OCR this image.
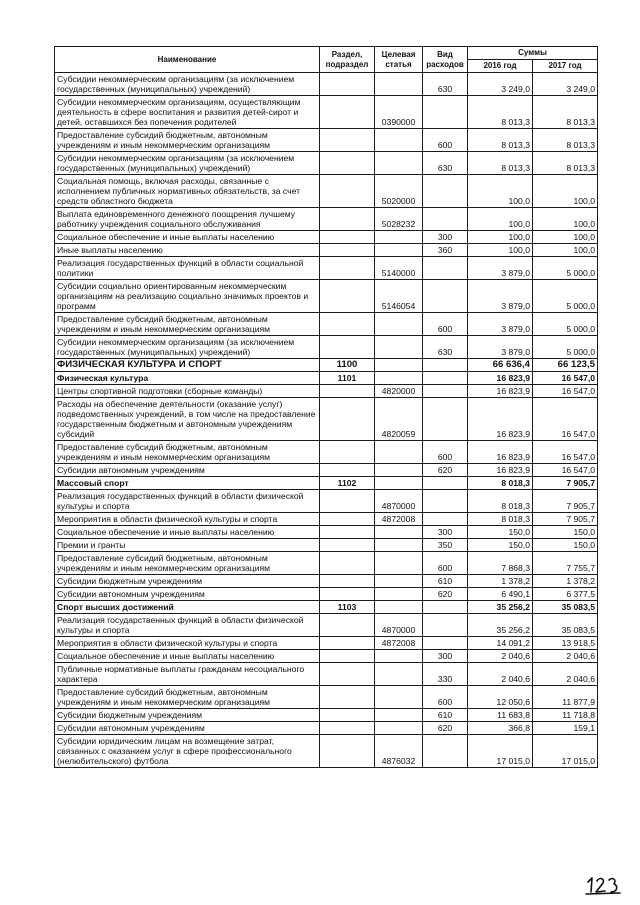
Наименование	Раздел, подраздел	Целевая статья	Вид расходов	Суммы	
				2016 год	2017 год
Субсидии некоммерческим организациям (за исключением государственных (муниципальных) учреждений)			630	3 249,0	3 249,0
Субсидии некоммерческим организациям, осуществляющим деятельность в сфере воспитания и развития детей-сирот и детей, оставшихся без попечения родителей		0390000		8 013,3	8 013,3
Предоставление субсидий бюджетным, автономным учреждениям и иным некоммерческим организациям			600	8 013,3	8 013,3
Субсидии некоммерческим организациям (за исключением государственных (муниципальных) учреждений)			630	8 013,3	8 013,3
Социальная помощь, включая расходы, связанные с исполнением публичных нормативных обязательств, за счет средств областного бюджета		5020000		100,0	100,0
Выплата единовременного денежного поощрения лучшему работнику учреждения социального обслуживания		5028232		100,0	100,0
Социальное обеспечение и иные выплаты населению			300	100,0	100,0
Иные выплаты населению			360	100,0	100,0
Реализация государственных функций в области социальной политики		5140000		3 879,0	5 000,0
Субсидии социально ориентированным некоммерческим организациям на реализацию социально значимых проектов и программ		5146054		3 879,0	5 000,0
Предоставление субсидий бюджетным, автономным учреждениям и иным некоммерческим организациям			600	3 879,0	5 000,0
Субсидии некоммерческим организациям (за исключением государственных (муниципальных) учреждений)			630	3 879,0	5 000,0
ФИЗИЧЕСКАЯ КУЛЬТУРА И СПОРТ	1100			66 636,4	66 123,5
Физическая культура	1101			16 823,9	16 547,0
Центры спортивной подготовки (сборные команды)		4820000		16 823,9	16 547,0
Расходы на обеспечение деятельности (оказание услуг) подведомственных учреждений, в том числе на предоставление государственным бюджетным и автономным учреждениям субсидий		4820059		16 823,9	16 547,0
Предоставление субсидий бюджетным, автономным учреждениям и иным некоммерческим организациям			600	16 823,9	16 547,0
Субсидии автономным учреждениям			620	16 823,9	16 547,0
Массовый спорт	1102			8 018,3	7 905,7
Реализация государственных функций в области физической культуры и спорта		4870000		8 018,3	7 905,7
Мероприятия в области физической культуры и спорта		4872008		8 018,3	7 905,7
Социальное обеспечение и иные выплаты населению			300	150,0	150,0
Премии и гранты			350	150,0	150,0
Предоставление субсидий бюджетным, автономным учреждениям и иным некоммерческим организациям			600	7 868,3	7 755,7
Субсидии бюджетным учреждениям			610	1 378,2	1 378,2
Субсидии автономным учреждениям			620	6 490,1	6 377,5
Спорт высших достижений	1103			35 256,2	35 083,5
Реализация государственных функций в области физической культуры и спорта		4870000		35 256,2	35 083,5
Мероприятия в области физической культуры и спорта		4872008		14 091,2	13 918,5
Социальное обеспечение и иные выплаты населению			300	2 040,6	2 040,6
Публичные нормативные выплаты гражданам несоциального характера			330	2 040,6	2 040,6
Предоставление субсидий бюджетным, автономным учреждениям и иным некоммерческим организациям			600	12 050,6	11 877,9
Субсидии бюджетным учреждениям			610	11 683,8	11 718,8
Субсидии автономным учреждениям			620	366,8	159,1
Субсидии юридическим лицам на возмещение затрат, связанных с оказанием услуг в сфере профессионального (нелюбительского) футбола		4876032		17 015,0	17 015,0
